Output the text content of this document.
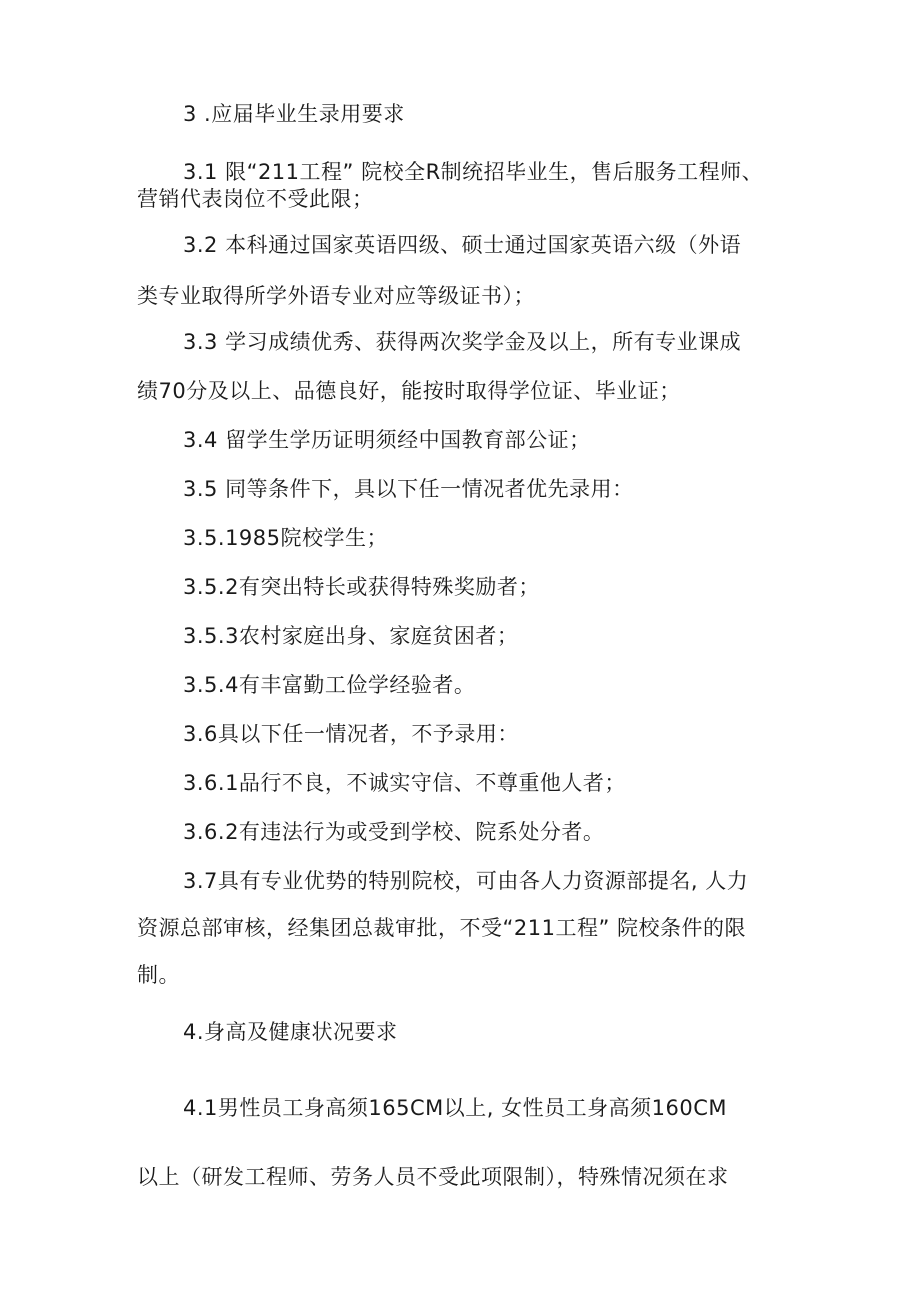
3 .应届毕业生录用要求
3.1 限“211工程” 院校全R制统招毕业生，售后服务工程师、
营销代表岗位不受此限；
3.2 本科通过国家英语四级、硕士通过国家英语六级（外语
类专业取得所学外语专业对应等级证书）；
3.3 学习成绩优秀、获得两次奖学金及以上，所有专业课成
绩70分及以上、品德良好，能按时取得学位证、毕业证；
3.4 留学生学历证明须经中国教育部公证；
3.5 同等条件下，具以下任一情况者优先录用：
3.5.1985院校学生；
3.5.2有突出特长或获得特殊奖励者；
3.5.3农村家庭出身、家庭贫困者；
3.5.4有丰富勤工俭学经验者。
3.6具以下任一情况者，不予录用：
3.6.1品行不良，不诚实守信、不尊重他人者；
3.6.2有违法行为或受到学校、院系处分者。
3.7具有专业优势的特别院校，可由各人力资源部提名, 人力
资源总部审核，经集团总裁审批，不受“211工程” 院校条件的限
制。
4.身高及健康状况要求
4.1男性员工身高须165CM以上, 女性员工身高须160CM
以上（研发工程师、劳务人员不受此项限制），特殊情况须在求
